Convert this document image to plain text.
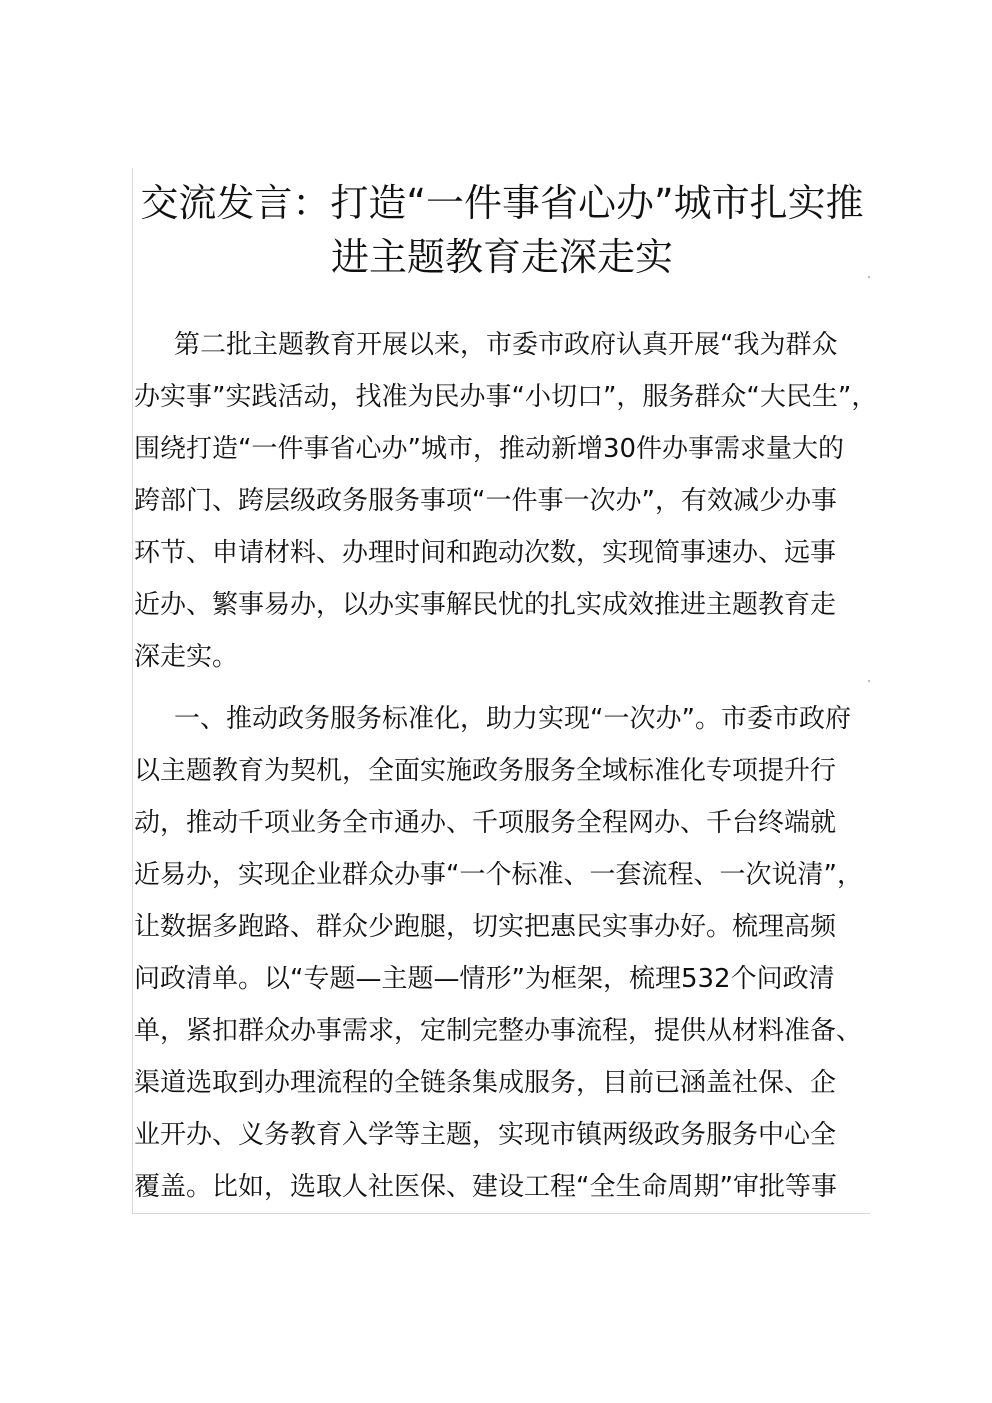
交流发言：打造“一件事省心办”城市扎实推
进主题教育走深走实
第二批主题教育开展以来，市委市政府认真开展“我为群众
办实事”实践活动，找准为民办事“小切口”，服务群众“大民生”，
围绕打造“一件事省心办”城市，推动新增30件办事需求量大的
跨部门、跨层级政务服务事项“一件事一次办”，有效减少办事
环节、申请材料、办理时间和跑动次数，实现简事速办、远事
近办、繁事易办，以办实事解民忧的扎实成效推进主题教育走
深走实。
一、推动政务服务标准化，助力实现“一次办”。市委市政府
以主题教育为契机，全面实施政务服务全域标准化专项提升行
动，推动千项业务全市通办、千项服务全程网办、千台终端就
近易办，实现企业群众办事“一个标准、一套流程、一次说清”，
让数据多跑路、群众少跑腿，切实把惠民实事办好。梳理高频
问政清单。以“专题—主题—情形”为框架，梳理532个问政清
单，紧扣群众办事需求，定制完整办事流程，提供从材料准备、
渠道选取到办理流程的全链条集成服务，目前已涵盖社保、企
业开办、义务教育入学等主题，实现市镇两级政务服务中心全
覆盖。比如，选取人社医保、建设工程“全生命周期”审批等事
